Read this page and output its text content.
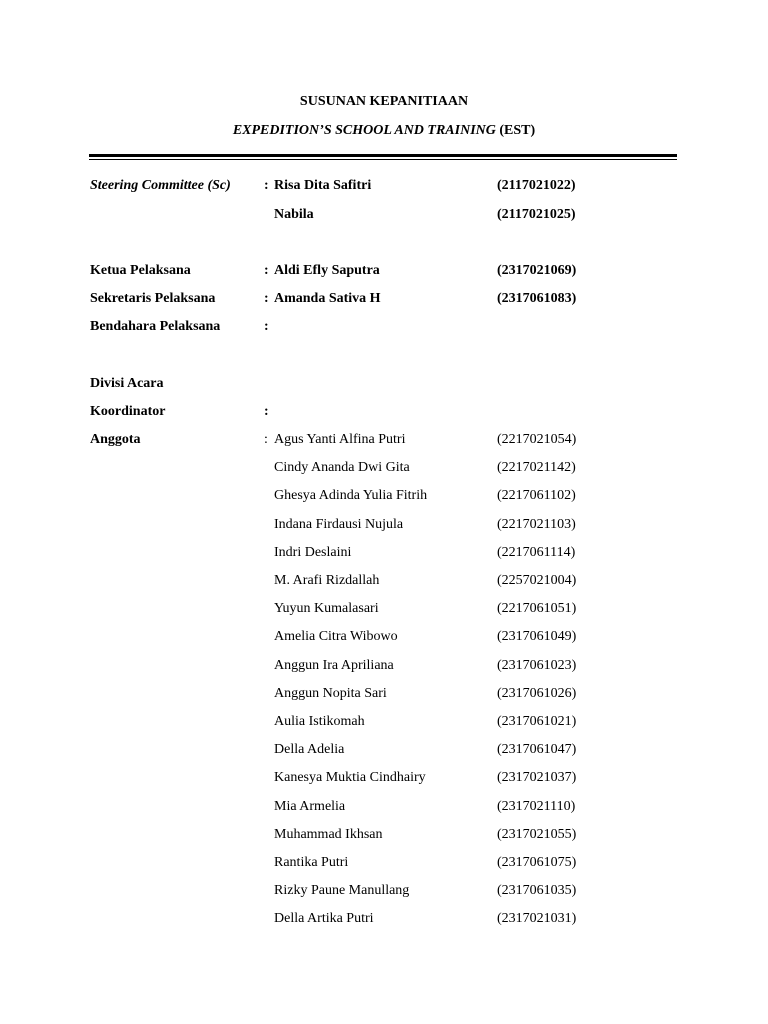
SUSUNAN KEPANITIAAN
EXPEDITION’S SCHOOL AND TRAINING (EST)
Steering Committee (Sc) : Risa Dita Safitri	(2117021022)
Nabila	(2117021025)
Ketua Pelaksana	: Aldi Efly Saputra	(2317021069)
Sekretaris Pelaksana	: Amanda Sativa H	(2317061083)
Bendahara Pelaksana	:
Divisi Acara
Koordinator	:
Anggota	: Agus Yanti Alfina Putri	(2217021054)
Cindy Ananda Dwi Gita	(2217021142)
Ghesya Adinda Yulia Fitrih	(2217061102)
Indana Firdausi Nujula	(2217021103)
Indri Deslaini	(2217061114)
M. Arafi Rizdallah	(2257021004)
Yuyun Kumalasari	(2217061051)
Amelia Citra Wibowo	(2317061049)
Anggun Ira Apriliana	(2317061023)
Anggun Nopita Sari	(2317061026)
Aulia Istikomah	(2317061021)
Della Adelia	(2317061047)
Kanesya Muktia Cindhairy	(2317021037)
Mia Armelia	(2317021110)
Muhammad Ikhsan	(2317021055)
Rantika Putri	(2317061075)
Rizky Paune Manullang	(2317061035)
Della Artika Putri	(2317021031)
